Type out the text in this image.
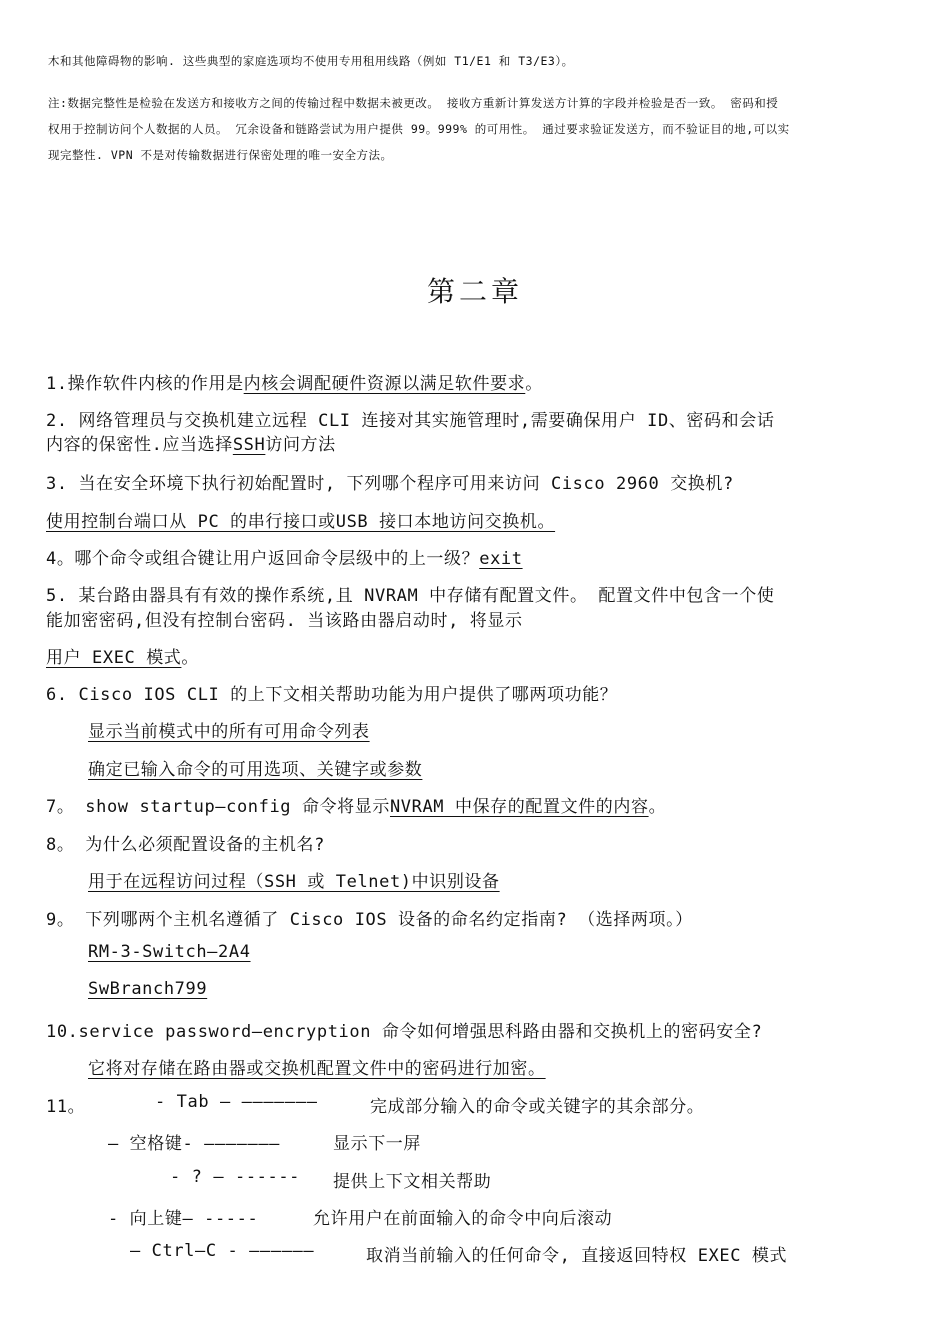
木和其他障碍物的影响. 这些典型的家庭选项均不使用专用租用线路（例如 T1/E1 和 T3/E3）。
注:数据完整性是检验在发送方和接收方之间的传输过程中数据未被更改。 接收方重新计算发送方计算的字段并检验是否一致。 密码和授
权用于控制访问个人数据的人员。 冗余设备和链路尝试为用户提供 99。999% 的可用性。 通过要求验证发送方，而不验证目的地,可以实
现完整性. VPN 不是对传输数据进行保密处理的唯一安全方法。
第二章
1.操作软件内核的作用是内核会调配硬件资源以满足软件要求。
2. 网络管理员与交换机建立远程 CLI 连接对其实施管理时,需要确保用户 ID、密码和会话
内容的保密性.应当选择SSH访问方法
3. 当在安全环境下执行初始配置时, 下列哪个程序可用来访问 Cisco 2960 交换机?
使用控制台端口从 PC 的串行接口或USB 接口本地访问交换机。
4。哪个命令或组合键让用户返回命令层级中的上一级？exit
5. 某台路由器具有有效的操作系统,且 NVRAM 中存储有配置文件。 配置文件中包含一个使
能加密密码,但没有控制台密码. 当该路由器启动时, 将显示
用户 EXEC 模式。
6. Cisco IOS CLI 的上下文相关帮助功能为用户提供了哪两项功能？
显示当前模式中的所有可用命令列表
确定已输入命令的可用选项、关键字或参数
7。 show startup—config 命令将显示NVRAM 中保存的配置文件的内容。
8。 为什么必须配置设备的主机名?
用于在远程访问过程（SSH 或 Telnet)中识别设备
9。 下列哪两个主机名遵循了 Cisco IOS 设备的命名约定指南? （选择两项。）
RM-3-Switch—2A4
SwBranch799
10.service password—encryption 命令如何增强思科路由器和交换机上的密码安全?
它将对存储在路由器或交换机配置文件中的密码进行加密。
11。	- Tab — ———————	完成部分输入的命令或关键字的其余部分。
— 空格键- ———————	显示下一屏
- ? — ------ 提供上下文相关帮助
- 向上键— -----	允许用户在前面输入的命令中向后滚动
— Ctrl—C - ——————	取消当前输入的任何命令, 直接返回特权 EXEC 模式
